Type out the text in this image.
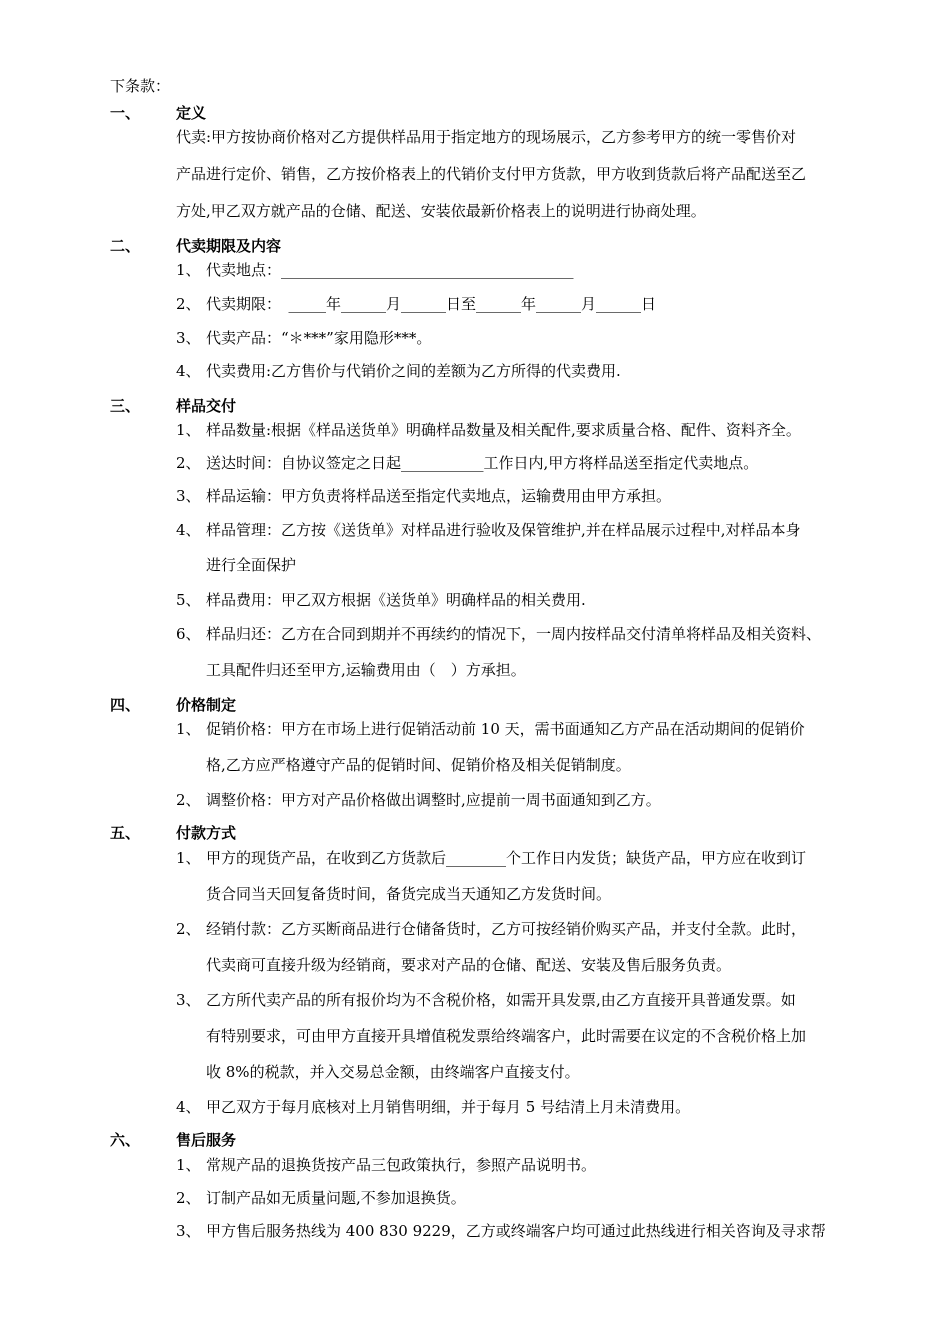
下条款：
一、 定义
代卖:甲方按协商价格对乙方提供样品用于指定地方的现场展示，乙方参考甲方的统一零售价对
产品进行定价、销售，乙方按价格表上的代销价支付甲方货款，甲方收到货款后将产品配送至乙
方处,甲乙双方就产品的仓储、配送、安装依最新价格表上的说明进行协商处理。
二、 代卖期限及内容
1、 代卖地点：_______________________________________
2、 代卖期限：　_____年______月______日至______年______月______日
3、 代卖产品：“＊***”家用隐形***。
4、 代卖费用:乙方售价与代销价之间的差额为乙方所得的代卖费用.
三、 样品交付
1、 样品数量:根据《样品送货单》明确样品数量及相关配件,要求质量合格、配件、资料齐全。
2、 送达时间：自协议签定之日起___________工作日内,甲方将样品送至指定代卖地点。
3、 样品运输：甲方负责将样品送至指定代卖地点，运输费用由甲方承担。
4、 样品管理：乙方按《送货单》对样品进行验收及保管维护,并在样品展示过程中,对样品本身
进行全面保护
5、 样品费用：甲乙双方根据《送货单》明确样品的相关费用.
6、 样品归还：乙方在合同到期并不再续约的情况下，一周内按样品交付清单将样品及相关资料、
工具配件归还至甲方,运输费用由（　）方承担。
四、 价格制定
1、 促销价格：甲方在市场上进行促销活动前 10 天，需书面通知乙方产品在活动期间的促销价
格,乙方应严格遵守产品的促销时间、促销价格及相关促销制度。
2、 调整价格：甲方对产品价格做出调整时,应提前一周书面通知到乙方。
五、 付款方式
1、 甲方的现货产品，在收到乙方货款后________个工作日内发货；缺货产品，甲方应在收到订
货合同当天回复备货时间，备货完成当天通知乙方发货时间。
2、 经销付款：乙方买断商品进行仓储备货时，乙方可按经销价购买产品，并支付全款。此时，
代卖商可直接升级为经销商，要求对产品的仓储、配送、安装及售后服务负责。
3、 乙方所代卖产品的所有报价均为不含税价格，如需开具发票,由乙方直接开具普通发票。如
有特别要求，可由甲方直接开具增值税发票给终端客户，此时需要在议定的不含税价格上加
收 8%的税款，并入交易总金额，由终端客户直接支付。
4、 甲乙双方于每月底核对上月销售明细，并于每月 5 号结清上月未清费用。
六、 售后服务
1、 常规产品的退换货按产品三包政策执行，参照产品说明书。
2、 订制产品如无质量问题,不参加退换货。
3、 甲方售后服务热线为 400 830 9229，乙方或终端客户均可通过此热线进行相关咨询及寻求帮
